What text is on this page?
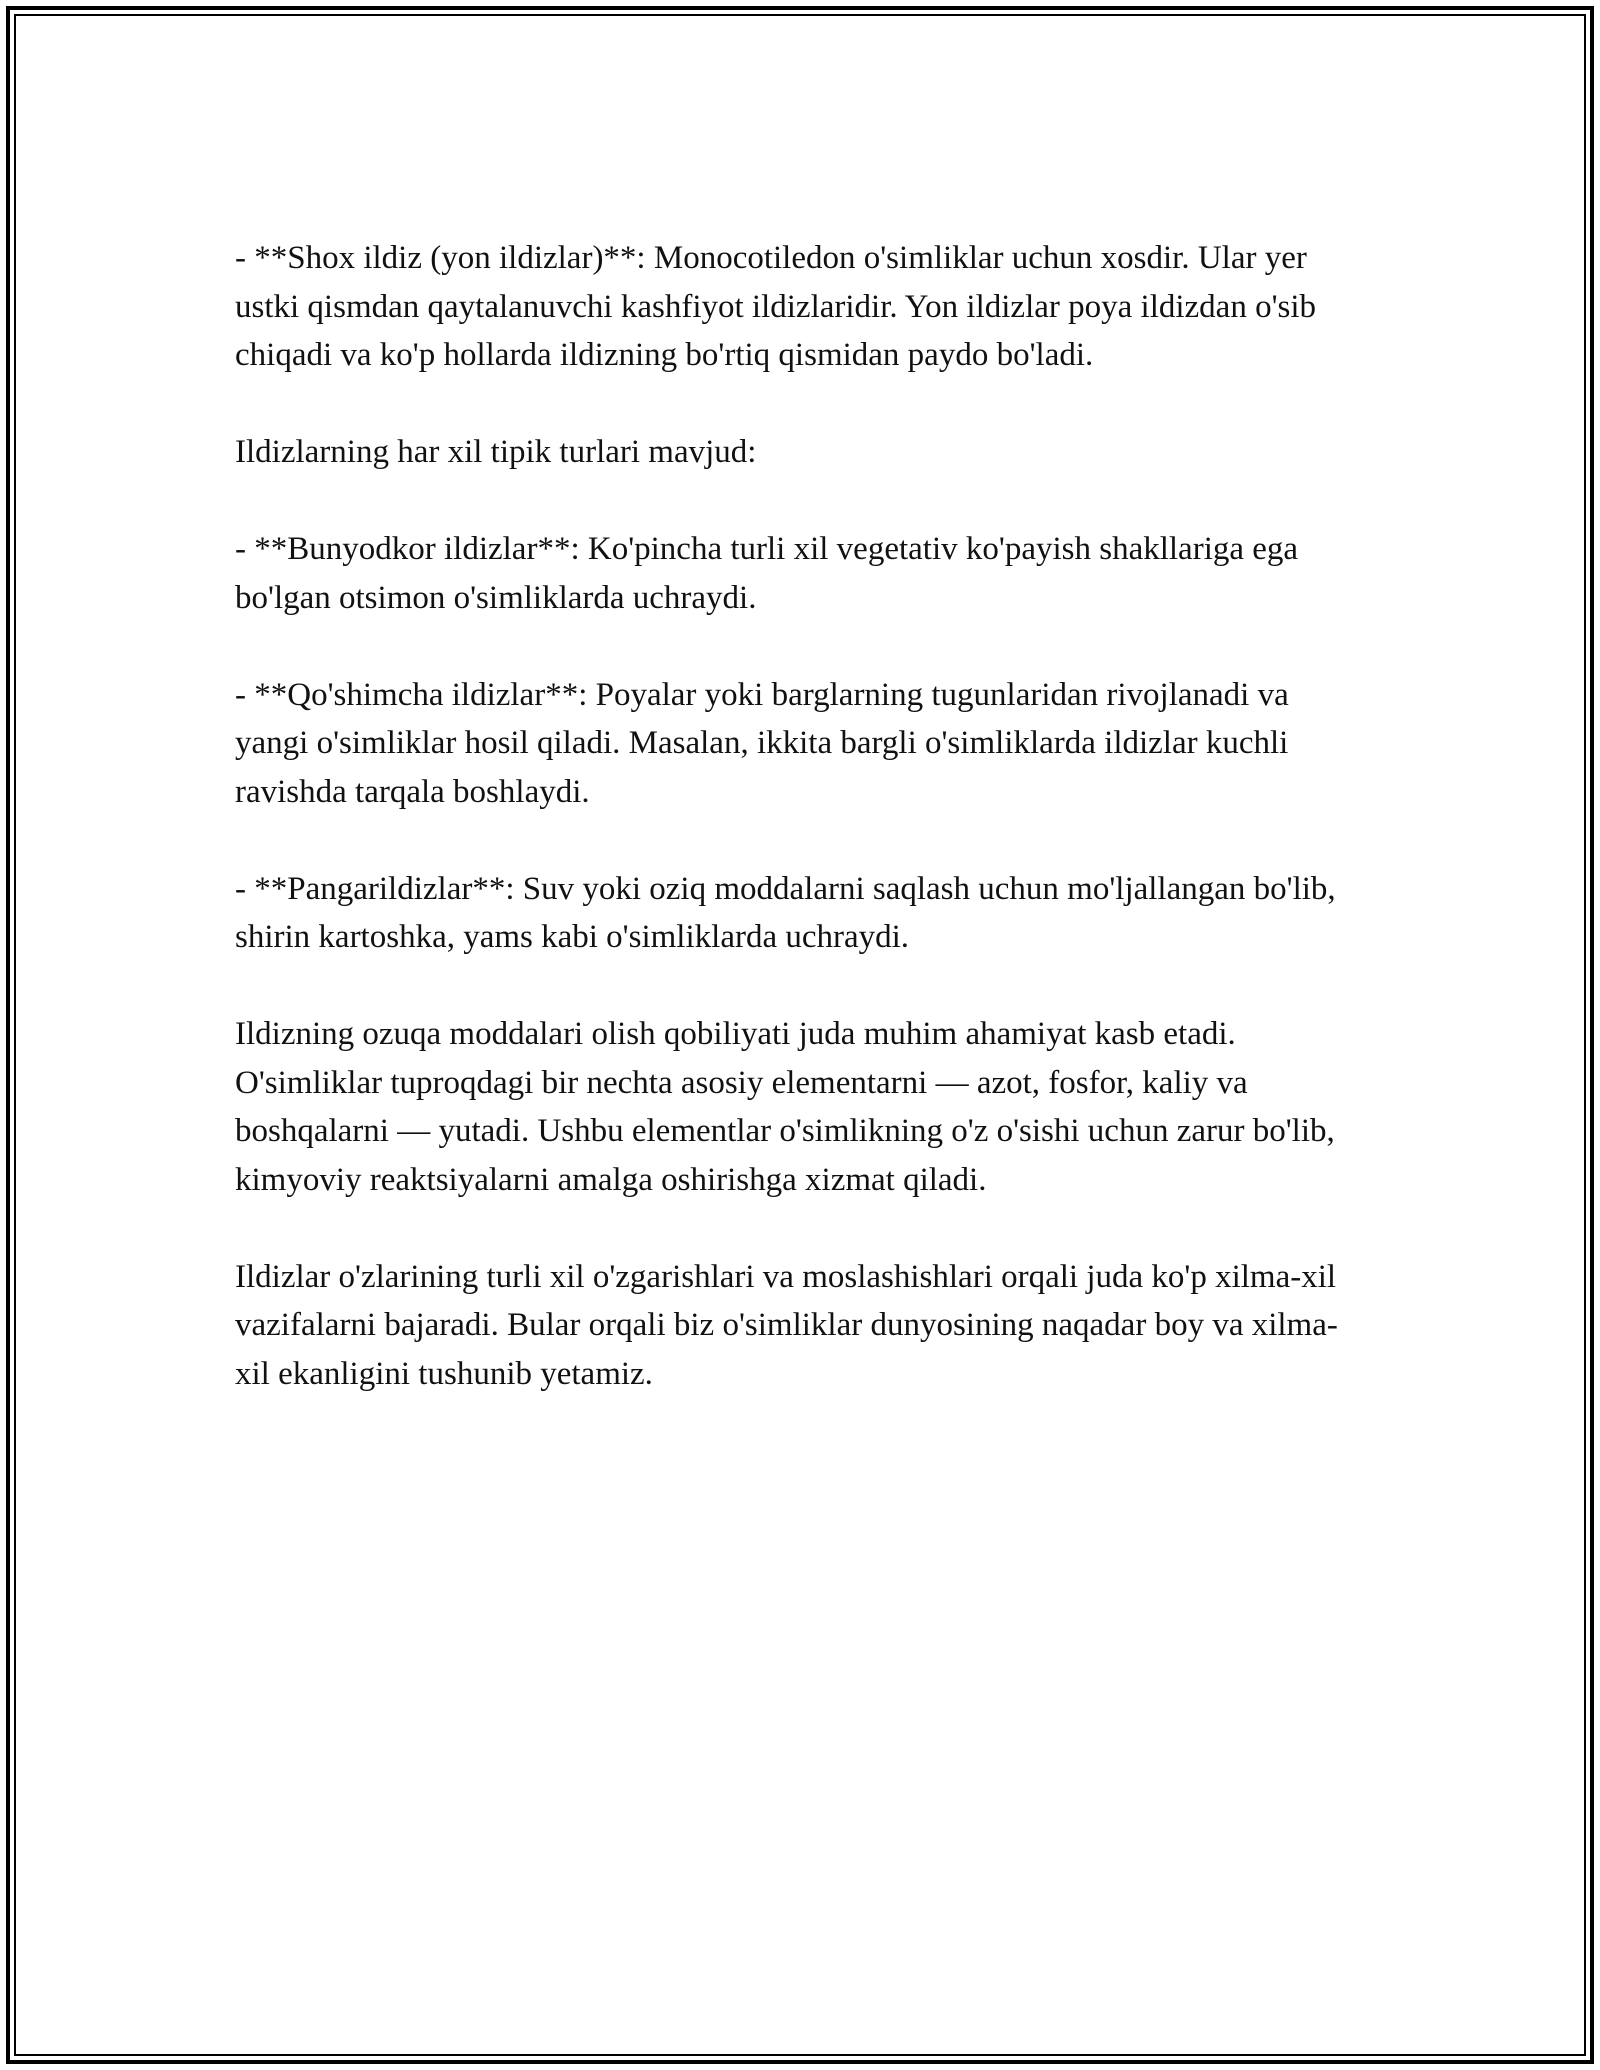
- **Shox ildiz (yon ildizlar)**: Monocotiledon o'simliklar uchun xosdir. Ular yer ustki qismdan qaytalanuvchi kashfiyot ildizlaridir. Yon ildizlar poya ildizdan o'sib chiqadi va ko'p hollarda ildizning bo'rtiq qismidan paydo bo'ladi.

Ildizlarning har xil tipik turlari mavjud:

- **Bunyodkor ildizlar**: Ko'pincha turli xil vegetativ ko'payish shakllariga ega bo'lgan otsimon o'simliklarda uchraydi.

- **Qo'shimcha ildizlar**: Poyalar yoki barglarning tugunlaridan rivojlanadi va yangi o'simliklar hosil qiladi. Masalan, ikkita bargli o'simliklarda ildizlar kuchli ravishda tarqala boshlaydi.

- **Pangarildizlar**: Suv yoki oziq moddalarni saqlash uchun mo'ljallangan bo'lib, shirin kartoshka, yams kabi o'simliklarda uchraydi.

Ildizning ozuqa moddalari olish qobiliyati juda muhim ahamiyat kasb etadi. O'simliklar tuproqdagi bir nechta asosiy elementarni — azot, fosfor, kaliy va boshqalarni — yutadi. Ushbu elementlar o'simlikning o'z o'sishi uchun zarur bo'lib, kimyoviy reaktsiyalarni amalga oshirishga xizmat qiladi.

Ildizlar o'zlarining turli xil o'zgarishlari va moslashishlari orqali juda ko'p xilma-xil vazifalarni bajaradi. Bular orqali biz o'simliklar dunyosining naqadar boy va xilma-xil ekanligini tushunib yetamiz.
